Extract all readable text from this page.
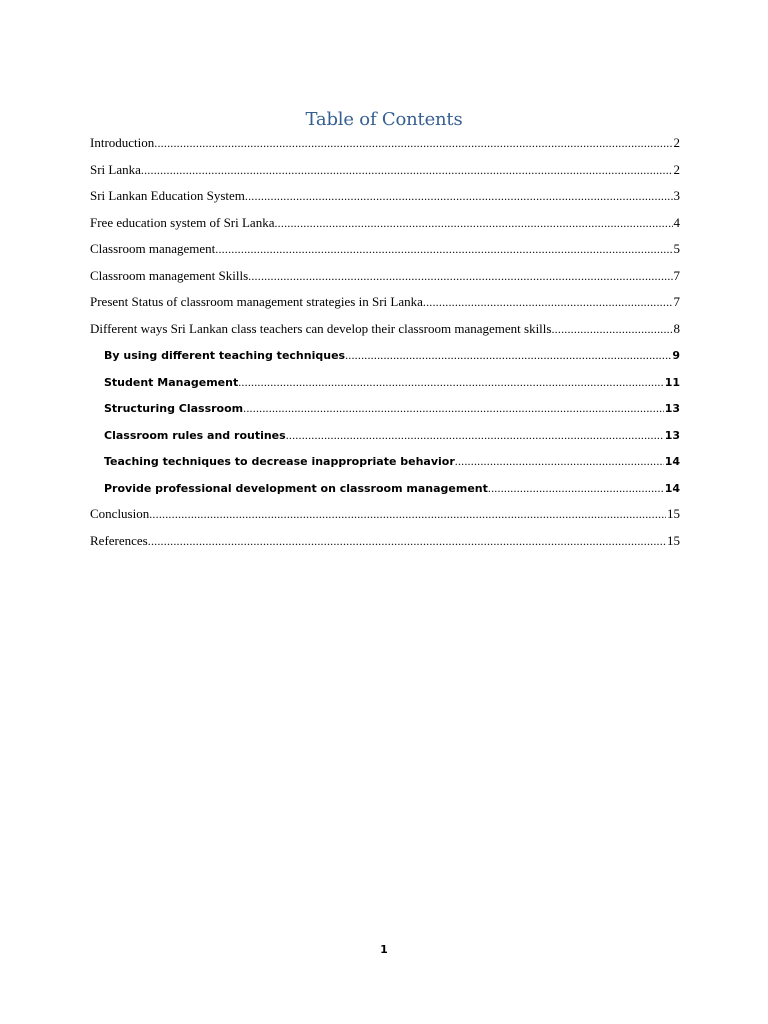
Table of Contents
Introduction .....	2
Sri Lanka .....	2
Sri Lankan Education System .....	3
Free education system of Sri Lanka .....	4
Classroom management .....	5
Classroom management Skills .....	7
Present Status of classroom management strategies in Sri Lanka .....	7
Different ways Sri Lankan class teachers can develop their classroom management skills .....	8
By using different teaching techniques .....	9
Student Management .....	11
Structuring Classroom .....	13
Classroom rules and routines .....	13
Teaching techniques to decrease inappropriate behavior .....	14
Provide professional development on classroom management .....	14
Conclusion .....	15
References .....	15
1
